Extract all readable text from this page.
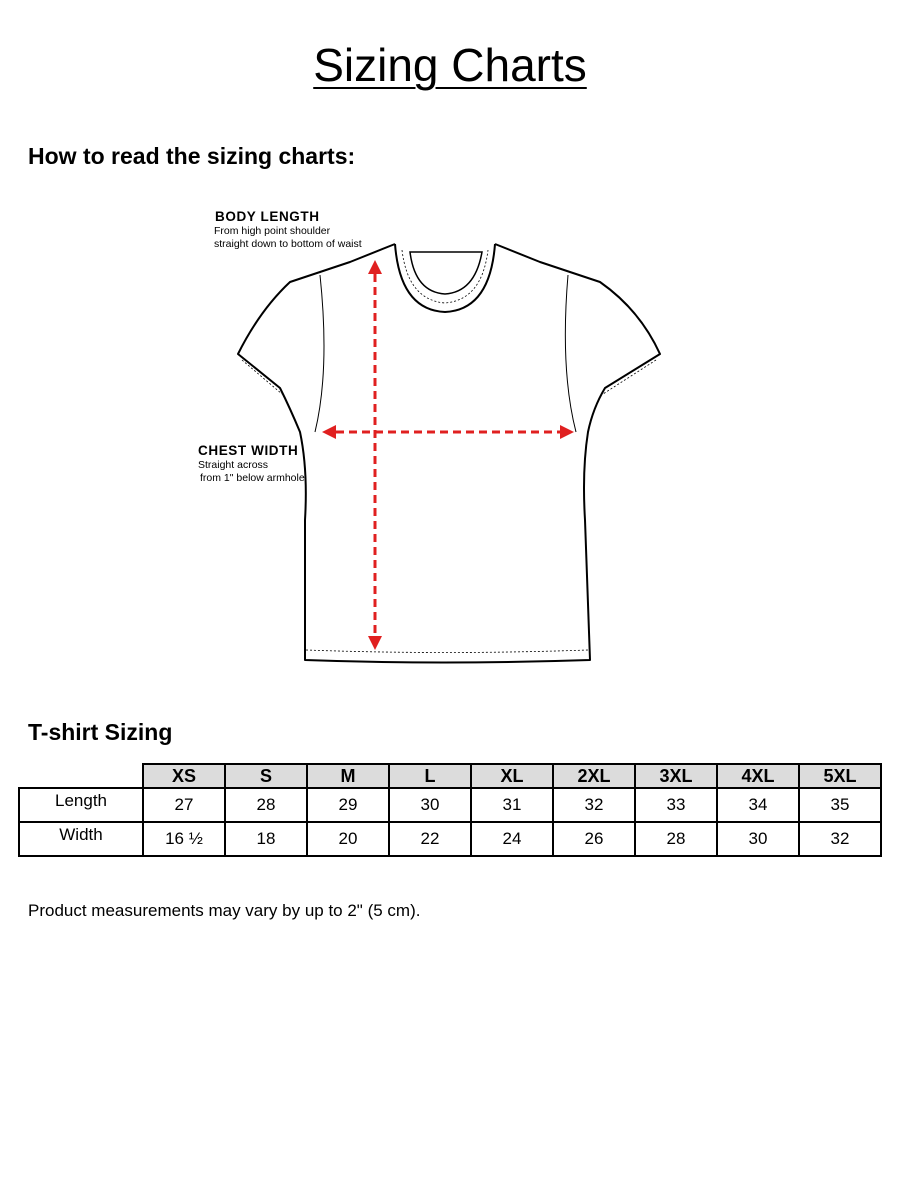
Sizing Charts
How to read the sizing charts:
BODY LENGTH
From high point shoulder
straight down to bottom of waist
CHEST WIDTH
Straight across
from 1" below armhole
T-shirt Sizing
	XS	S	M	L	XL	2XL	3XL	4XL	5XL
Length	27	28	29	30	31	32	33	34	35
Width	16 ½	18	20	22	24	26	28	30	32
Product measurements may vary by up to 2" (5 cm).
